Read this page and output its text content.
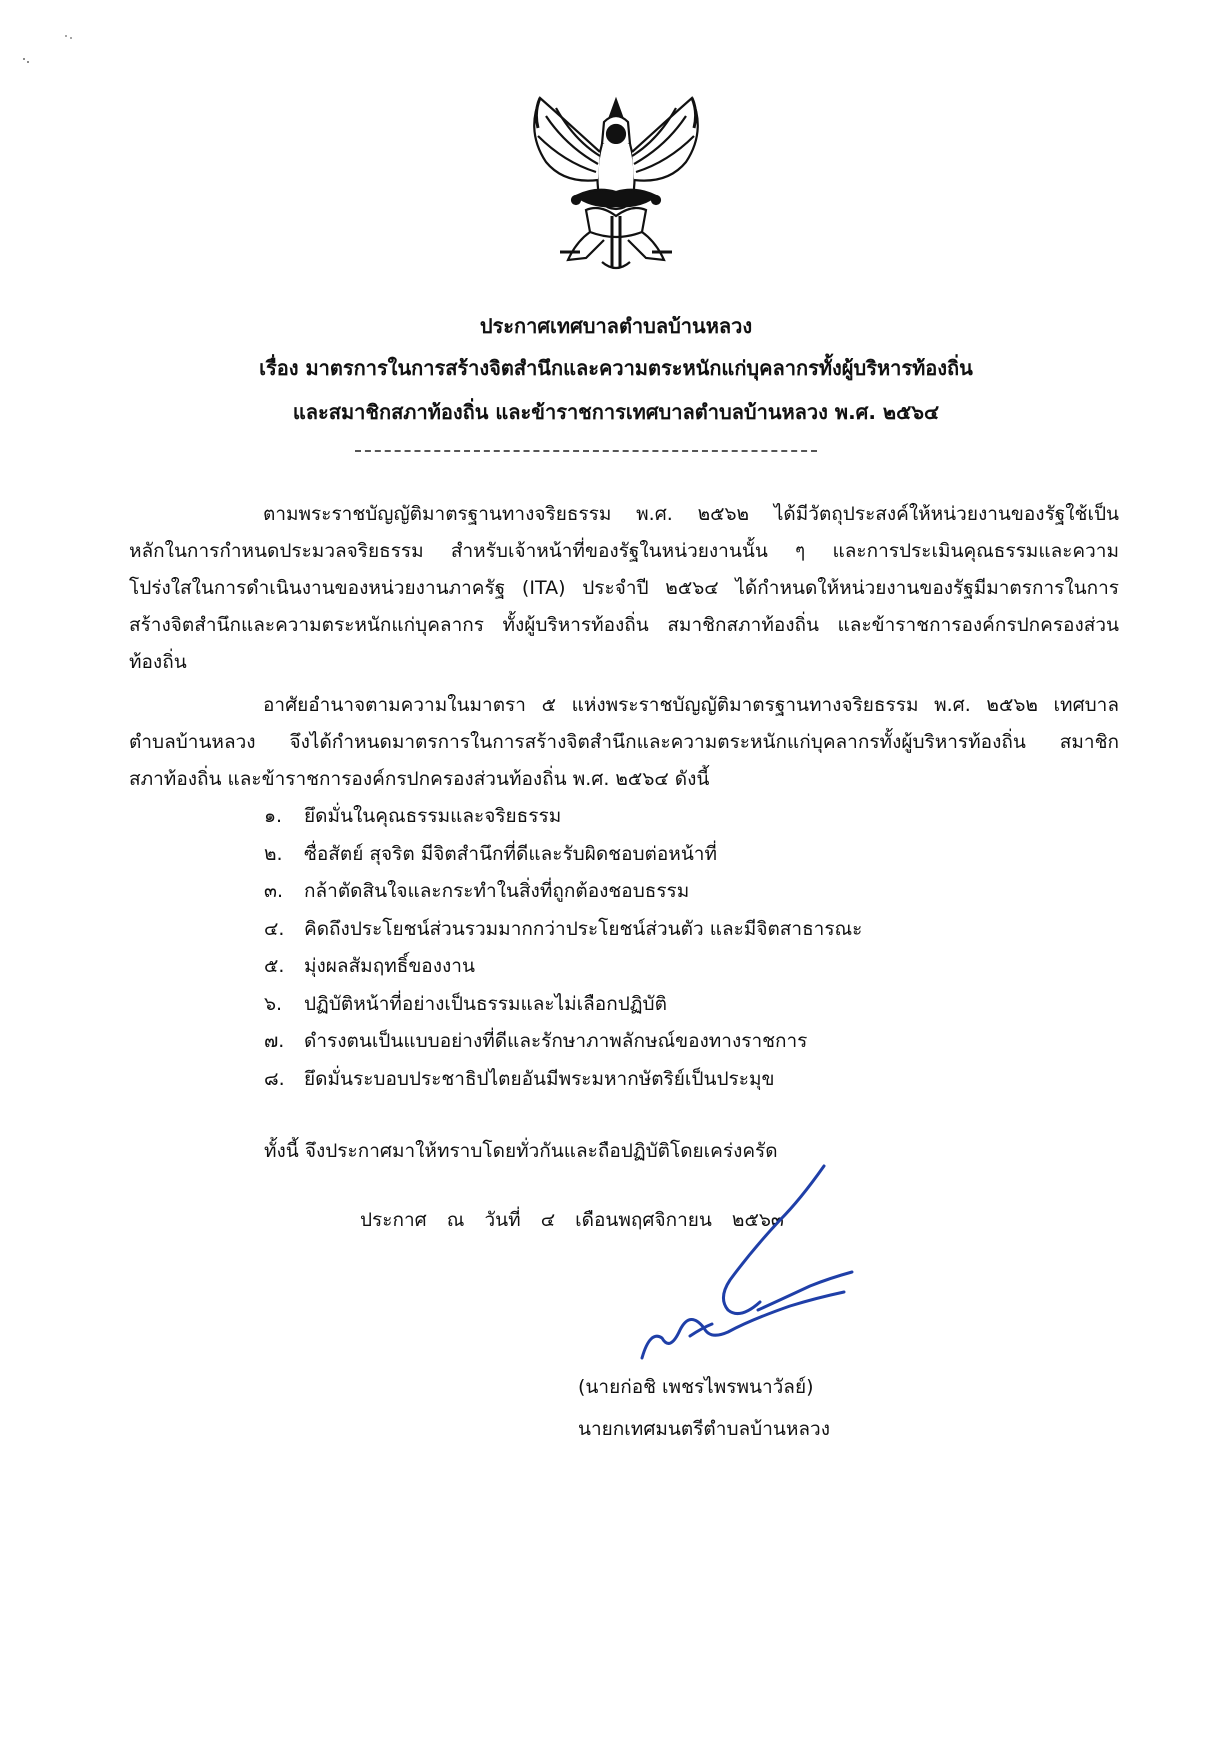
ประกาศเทศบาลตำบลบ้านหลวง
เรื่อง มาตรการในการสร้างจิตสำนึกและความตระหนักแก่บุคลากรทั้งผู้บริหารท้องถิ่น
และสมาชิกสภาท้องถิ่น และข้าราชการเทศบาลตำบลบ้านหลวง พ.ศ. ๒๕๖๔
ตามพระราชบัญญัติมาตรฐานทางจริยธรรม พ.ศ. ๒๕๖๒ ได้มีวัตถุประสงค์ให้หน่วยงานของรัฐใช้เป็น
หลักในการกำหนดประมวลจริยธรรม สำหรับเจ้าหน้าที่ของรัฐในหน่วยงานนั้น ๆ และการประเมินคุณธรรมและความ
โปร่งใสในการดำเนินงานของหน่วยงานภาครัฐ (ITA) ประจำปี ๒๕๖๔ ได้กำหนดให้หน่วยงานของรัฐมีมาตรการในการ
สร้างจิตสำนึกและความตระหนักแก่บุคลากร ทั้งผู้บริหารท้องถิ่น สมาชิกสภาท้องถิ่น และข้าราชการองค์กรปกครองส่วน
ท้องถิ่น
อาศัยอำนาจตามความในมาตรา ๕ แห่งพระราชบัญญัติมาตรฐานทางจริยธรรม พ.ศ. ๒๕๖๒ เทศบาล
ตำบลบ้านหลวง จึงได้กำหนดมาตรการในการสร้างจิตสำนึกและความตระหนักแก่บุคลากรทั้งผู้บริหารท้องถิ่น สมาชิก
สภาท้องถิ่น และข้าราชการองค์กรปกครองส่วนท้องถิ่น พ.ศ. ๒๕๖๔ ดังนี้
๑. ยึดมั่นในคุณธรรมและจริยธรรม
๒. ซื่อสัตย์ สุจริต มีจิตสำนึกที่ดีและรับผิดชอบต่อหน้าที่
๓. กล้าตัดสินใจและกระทำในสิ่งที่ถูกต้องชอบธรรม
๔. คิดถึงประโยชน์ส่วนรวมมากกว่าประโยชน์ส่วนตัว และมีจิตสาธารณะ
๕. มุ่งผลสัมฤทธิ์ของงาน
๖. ปฏิบัติหน้าที่อย่างเป็นธรรมและไม่เลือกปฏิบัติ
๗. ดำรงตนเป็นแบบอย่างที่ดีและรักษาภาพลักษณ์ของทางราชการ
๘. ยึดมั่นระบอบประชาธิปไตยอันมีพระมหากษัตริย์เป็นประมุข
ทั้งนี้ จึงประกาศมาให้ทราบโดยทั่วกันและถือปฏิบัติโดยเคร่งครัด
ประกาศ ณ วันที่ ๔ เดือนพฤศจิกายน ๒๕๖๓
(นายก่อชิ เพชรไพรพนาวัลย์)
นายกเทศมนตรีตำบลบ้านหลวง
